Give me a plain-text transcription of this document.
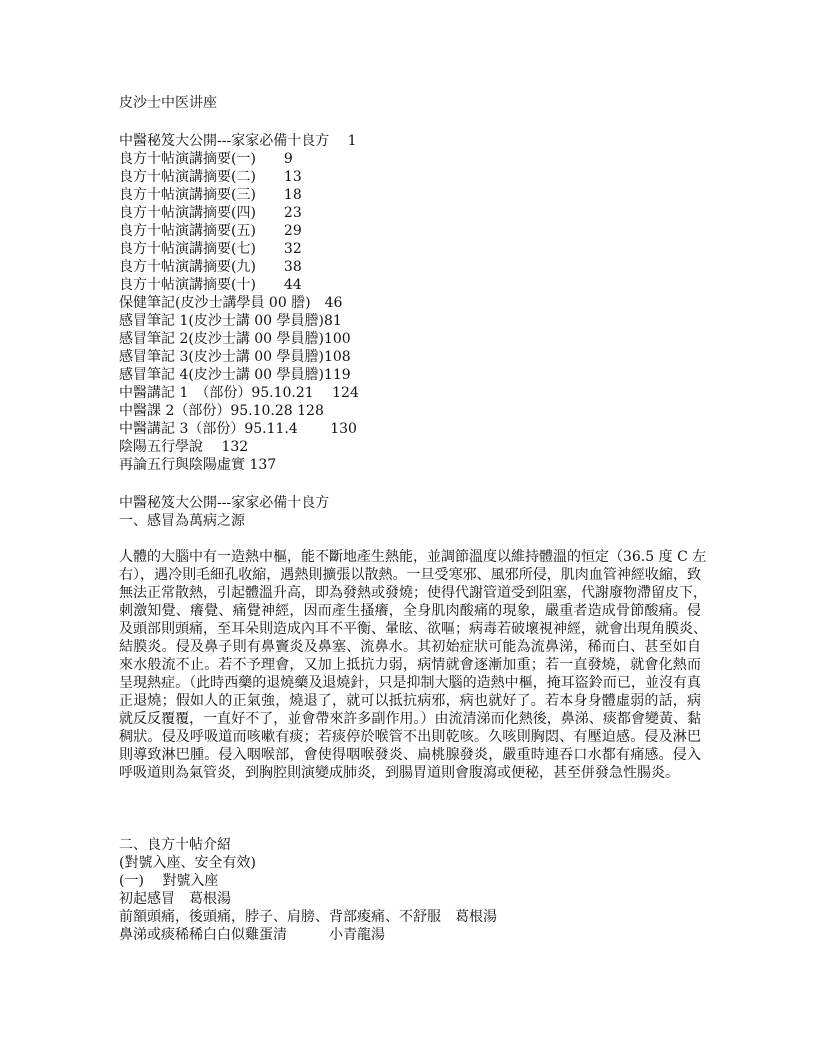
皮沙士中医讲座
中醫秘笈大公開---家家必備十良方　 1
良方十帖演講摘要(一)　　9
良方十帖演講摘要(二)　　13
良方十帖演講摘要(三)　　18
良方十帖演講摘要(四)　　23
良方十帖演講摘要(五)　　29
良方十帖演講摘要(七)　　32
良方十帖演講摘要(九)　　38
良方十帖演講摘要(十)　　44
保健筆記(皮沙士講學員 00 謄)　46
感冒筆記 1(皮沙士講 00 學員謄)81
感冒筆記 2(皮沙士講 00 學員謄)100
感冒筆記 3(皮沙士講 00 學員謄)108
感冒筆記 4(皮沙士講 00 學員謄)119
中醫講記 1　（部份）95.10.21　 124
中醫課 2（部份）95.10.28 128
中醫講記 3（部份）95.11.4　　 130
陰陽五行學說　 132
再論五行與陰陽虛實 137
中醫秘笈大公開---家家必備十良方
一、感冒為萬病之源
人體的大腦中有一造熱中樞，能不斷地產生熱能，並調節溫度以維持體溫的恒定（36.5 度 C 左
右），遇冷則毛細孔收縮，遇熱則擴張以散熱。一旦受寒邪、風邪所侵，肌肉血管神經收縮，致
無法正常散熱，引起體溫升高，即為發熱或發燒；使得代謝管道受到阻塞，代謝廢物滯留皮下，
刺激知覺、癢覺、痛覺神經，因而產生搔癢，全身肌肉酸痛的現象，嚴重者造成骨節酸痛。侵
及頭部則頭痛，至耳朵則造成內耳不平衡、暈眩、欲嘔；病毒若破壞視神經，就會出現角膜炎、
結膜炎。侵及鼻子則有鼻竇炎及鼻塞、流鼻水。其初始症狀可能為流鼻涕，稀而白、甚至如自
來水般流不止。若不予理會，又加上抵抗力弱，病情就會逐漸加重；若一直發燒，就會化熱而
呈現熱症。（此時西藥的退燒藥及退燒針，只是抑制大腦的造熱中樞，掩耳盜鈴而已，並沒有真
正退燒；假如人的正氣強，燒退了，就可以抵抗病邪，病也就好了。若本身身體虛弱的話，病
就反反覆覆，一直好不了，並會帶來許多副作用。）由流清涕而化熱後，鼻涕、痰都會變黃、黏
稠狀。侵及呼吸道而咳嗽有痰；若痰停於喉管不出則乾咳。久咳則胸悶、有壓迫感。侵及淋巴
則導致淋巴腫。侵入咽喉部，會使得咽喉發炎、扁桃腺發炎，嚴重時連吞口水都有痛感。侵入
呼吸道則為氣管炎，到胸腔則演變成肺炎，到腸胃道則會腹瀉或便秘，甚至併發急性腸炎。
二、良方十帖介紹
(對號入座、安全有效)
(一)　 對號入座
初起感冒　葛根湯
前額頭痛，後頭痛，脖子、肩膀、背部痠痛、不舒服　葛根湯
鼻涕或痰稀稀白白似雞蛋清　　　小青龍湯
